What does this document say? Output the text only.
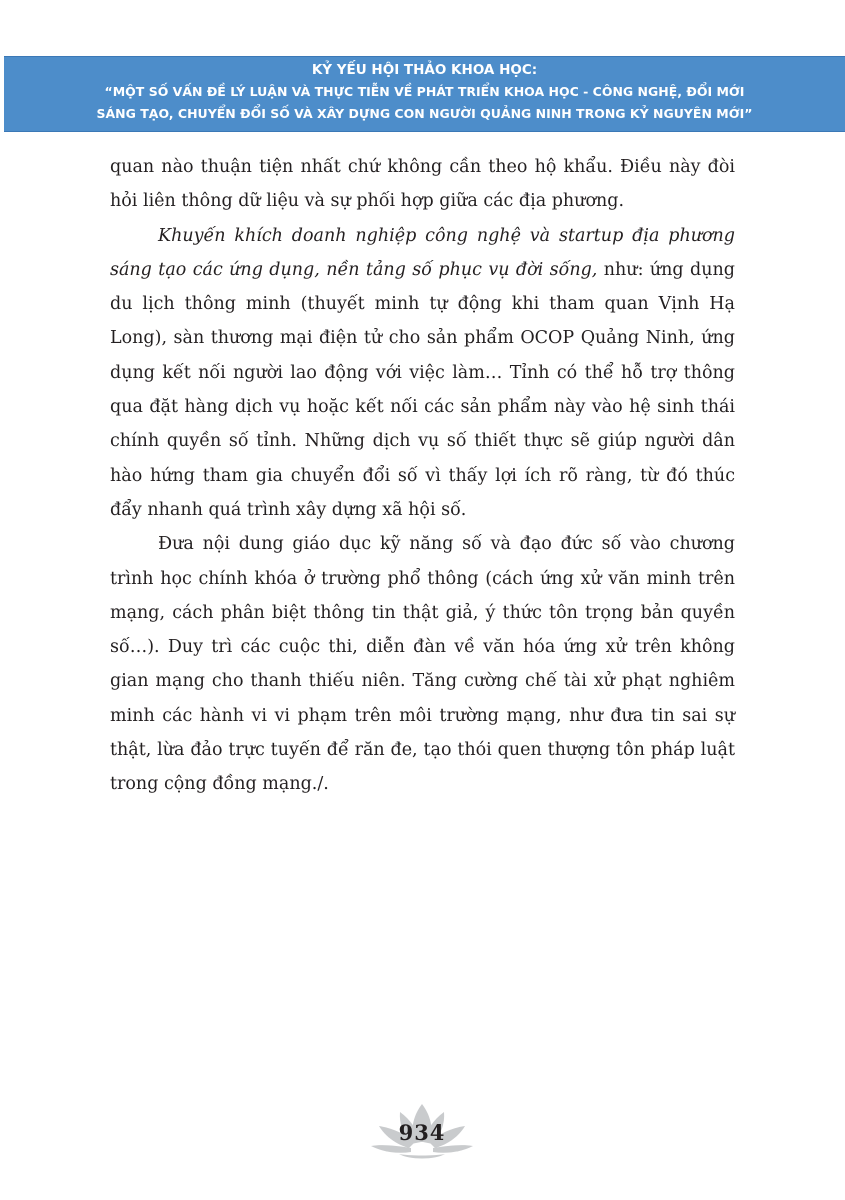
KỶ YẾU HỘI THẢO KHOA HỌC:
“MỘT SỐ VẤN ĐỀ LÝ LUẬN VÀ THỰC TIỄN VỀ PHÁT TRIỂN KHOA HỌC - CÔNG NGHỆ, ĐỔI MỚI
SÁNG TẠO, CHUYỂN ĐỔI SỐ VÀ XÂY DỰNG CON NGƯỜI QUẢNG NINH TRONG KỶ NGUYÊN MỚI”

quan nào thuận tiện nhất chứ không cần theo hộ khẩu. Điều này đòi hỏi liên thông dữ liệu và sự phối hợp giữa các địa phương.

Khuyến khích doanh nghiệp công nghệ và startup địa phương sáng tạo các ứng dụng, nền tảng số phục vụ đời sống, như: ứng dụng du lịch thông minh (thuyết minh tự động khi tham quan Vịnh Hạ Long), sàn thương mại điện tử cho sản phẩm OCOP Quảng Ninh, ứng dụng kết nối người lao động với việc làm… Tỉnh có thể hỗ trợ thông qua đặt hàng dịch vụ hoặc kết nối các sản phẩm này vào hệ sinh thái chính quyền số tỉnh. Những dịch vụ số thiết thực sẽ giúp người dân hào hứng tham gia chuyển đổi số vì thấy lợi ích rõ ràng, từ đó thúc đẩy nhanh quá trình xây dựng xã hội số.

Đưa nội dung giáo dục kỹ năng số và đạo đức số vào chương trình học chính khóa ở trường phổ thông (cách ứng xử văn minh trên mạng, cách phân biệt thông tin thật giả, ý thức tôn trọng bản quyền số…). Duy trì các cuộc thi, diễn đàn về văn hóa ứng xử trên không gian mạng cho thanh thiếu niên. Tăng cường chế tài xử phạt nghiêm minh các hành vi vi phạm trên môi trường mạng, như đưa tin sai sự thật, lừa đảo trực tuyến để răn đe, tạo thói quen thượng tôn pháp luật trong cộng đồng mạng./.

934
